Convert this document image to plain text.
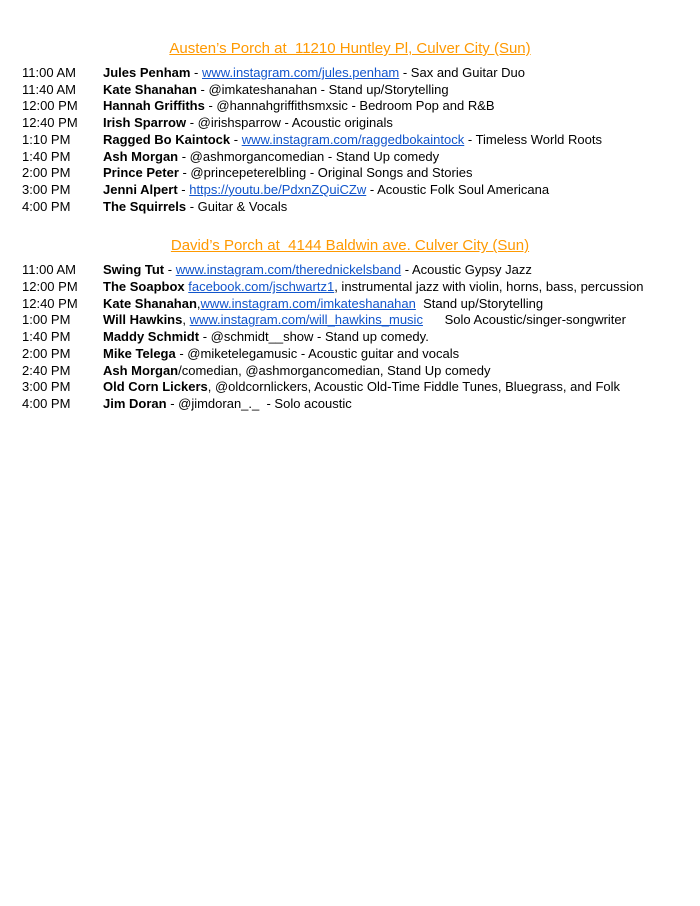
Austen’s Porch at  11210 Huntley Pl, Culver City (Sun)
11:00 AM	Jules Penham - www.instagram.com/jules.penham - Sax and Guitar Duo
11:40 AM	Kate Shanahan - @imkateshanahan - Stand up/Storytelling
12:00 PM	Hannah Griffiths - @hannahgriffithsmxsic - Bedroom Pop and R&B
12:40 PM	Irish Sparrow - @irishsparrow - Acoustic originals
1:10 PM	Ragged Bo Kaintock - www.instagram.com/raggedbokaintock - Timeless World Roots
1:40 PM	Ash Morgan - @ashmorgancomedian - Stand Up comedy
2:00 PM	Prince Peter - @princepeterelbling - Original Songs and Stories
3:00 PM	Jenni Alpert - https://youtu.be/PdxnZQuiCZw - Acoustic Folk Soul Americana
4:00 PM	The Squirrels - Guitar & Vocals
David’s Porch at  4144 Baldwin ave. Culver City (Sun)
11:00 AM	Swing Tut - www.instagram.com/therednickelsband - Acoustic Gypsy Jazz
12:00 PM	The Soapbox facebook.com/jschwartz1, instrumental jazz with violin, horns, bass, percussion
12:40 PM	Kate Shanahan,www.instagram.com/imkateshanahan  Stand up/Storytelling
1:00 PM	Will Hawkins, www.instagram.com/will_hawkins_music      Solo Acoustic/singer-songwriter
1:40 PM	Maddy Schmidt - @schmidt__show - Stand up comedy.
2:00 PM	Mike Telega - @miketelegamusic - Acoustic guitar and vocals
2:40 PM	Ash Morgan/comedian, @ashmorgancomedian, Stand Up comedy
3:00 PM	Old Corn Lickers, @oldcornlickers, Acoustic Old-Time Fiddle Tunes, Bluegrass, and Folk
4:00 PM	Jim Doran - @jimdoran_._  - Solo acoustic
